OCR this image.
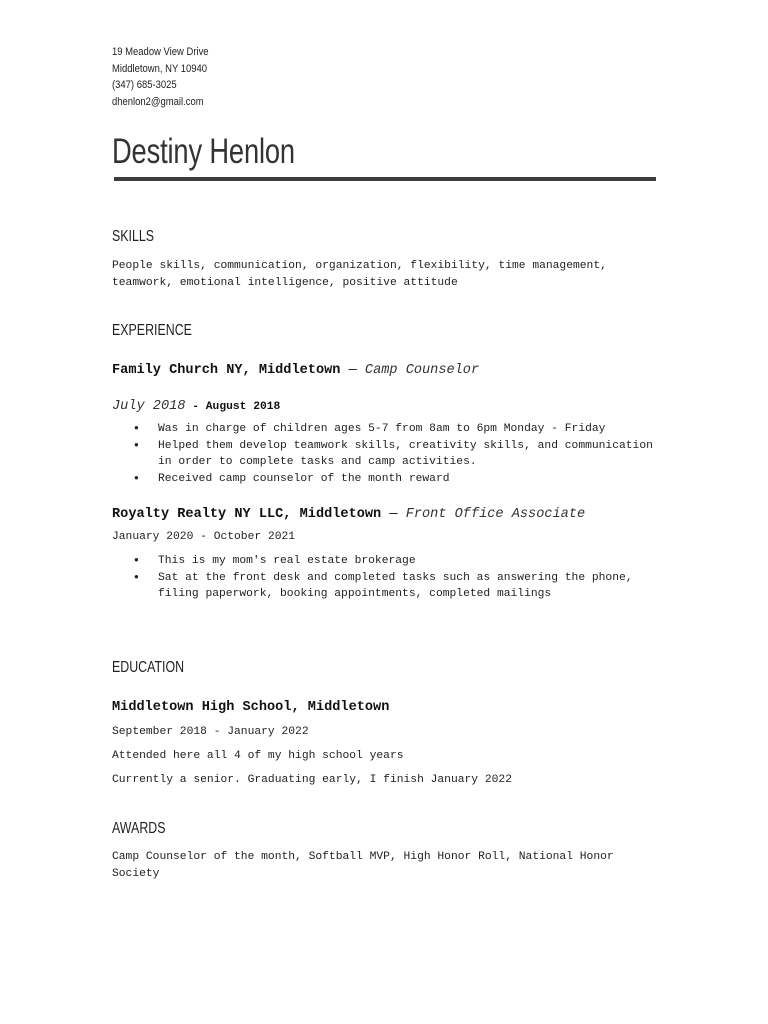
19 Meadow View Drive
Middletown, NY 10940
(347) 685-3025
dhenlon2@gmail.com
Destiny Henlon
SKILLS
People skills, communication, organization, flexibility, time management,
teamwork, emotional intelligence, positive attitude
EXPERIENCE
Family Church NY, Middletown — Camp Counselor
July 2018 - August 2018
● Was in charge of children ages 5-7 from 8am to 6pm Monday - Friday
● Helped them develop teamwork skills, creativity skills, and communication in order to complete tasks and camp activities.
● Received camp counselor of the month reward
Royalty Realty NY LLC, Middletown — Front Office Associate
January 2020 - October 2021
● This is my mom's real estate brokerage
● Sat at the front desk and completed tasks such as answering the phone, filing paperwork, booking appointments, completed mailings
EDUCATION
Middletown High School, Middletown
September 2018 - January 2022
Attended here all 4 of my high school years
Currently a senior. Graduating early, I finish January 2022
AWARDS
Camp Counselor of the month, Softball MVP, High Honor Roll, National Honor
Society
